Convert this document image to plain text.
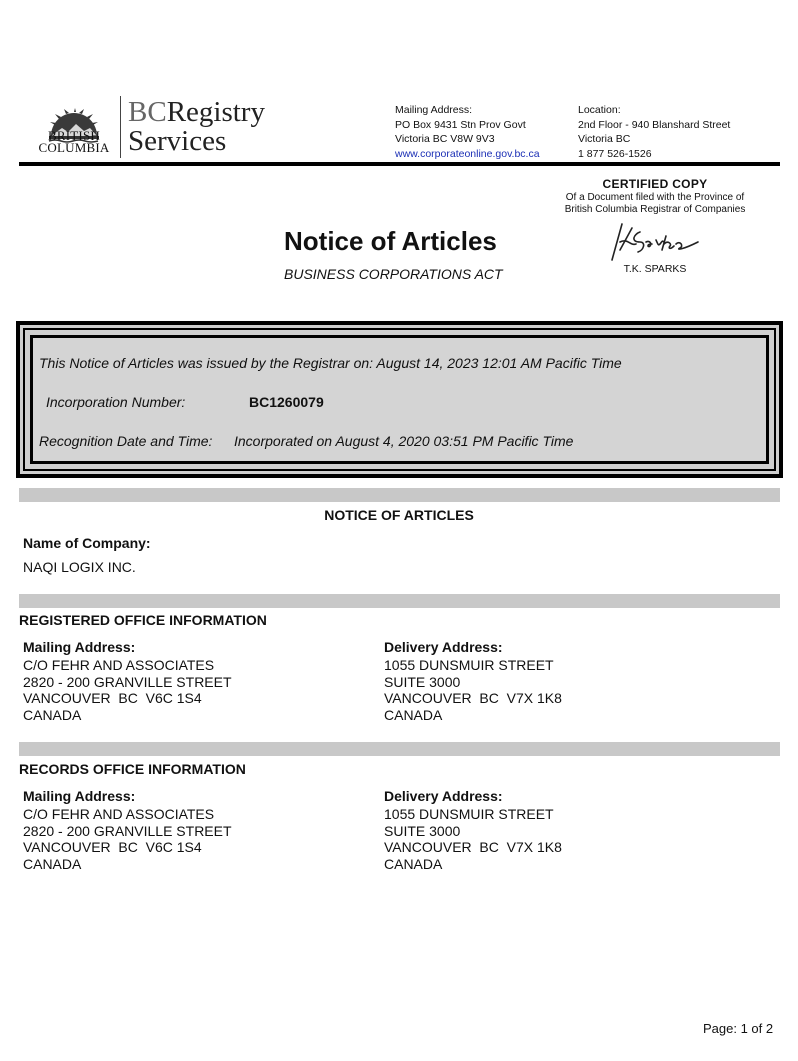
BRITISH
COLUMBIA
BCRegistry
Services
Mailing Address:
PO Box 9431 Stn Prov Govt
Victoria BC V8W 9V3
www.corporateonline.gov.bc.ca
Location:
2nd Floor - 940 Blanshard Street
Victoria BC
1 877 526-1526
CERTIFIED COPY
Of a Document filed with the Province of
British Columbia Registrar of Companies
T.K. SPARKS
Notice of Articles
BUSINESS CORPORATIONS ACT
This Notice of Articles was issued by the Registrar on: August 14, 2023 12:01 AM Pacific Time
Incorporation Number:	BC1260079
Recognition Date and Time: Incorporated on August 4, 2020 03:51 PM Pacific Time
NOTICE OF ARTICLES
Name of Company:
NAQI LOGIX INC.
REGISTERED OFFICE INFORMATION
Mailing Address:
C/O FEHR AND ASSOCIATES
2820 - 200 GRANVILLE STREET
VANCOUVER  BC  V6C 1S4
CANADA
Delivery Address:
1055 DUNSMUIR STREET
SUITE 3000
VANCOUVER  BC  V7X 1K8
CANADA
RECORDS OFFICE INFORMATION
Mailing Address:
C/O FEHR AND ASSOCIATES
2820 - 200 GRANVILLE STREET
VANCOUVER  BC  V6C 1S4
CANADA
Delivery Address:
1055 DUNSMUIR STREET
SUITE 3000
VANCOUVER  BC  V7X 1K8
CANADA
Page: 1 of 2
